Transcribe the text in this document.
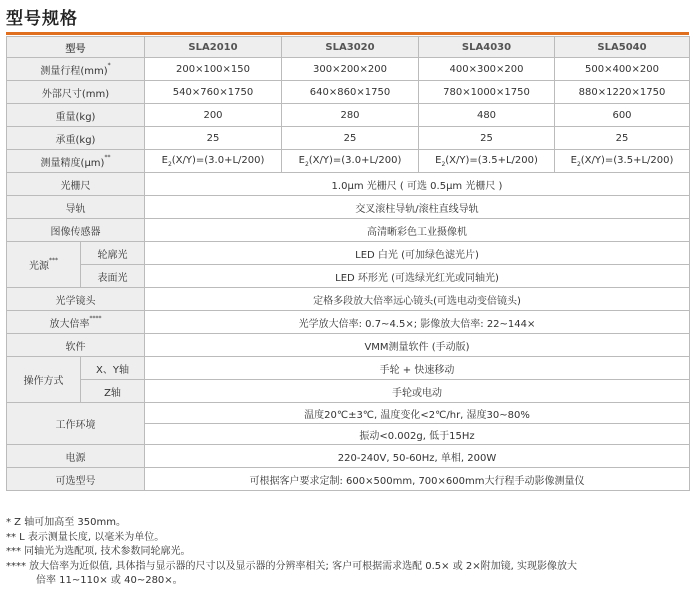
型号规格
型号		SLA2010	SLA3020	SLA4030	SLA5040
测量行程(mm)*		200×100×150	300×200×200	400×300×200	500×400×200
外部尺寸(mm)		540×760×1750	640×860×1750	780×1000×1750	880×1220×1750
重量(kg)		200	280	480	600
承重(kg)		25	25	25	25
测量精度(μm)**		$E_2(X/Y)=(3.0+L/200)$	$E_2(X/Y)=(3.0+L/200)$	$E_2(X/Y)=(3.5+L/200)$	$E_2(X/Y)=(3.5+L/200)$
光栅尺		1.0μm 光栅尺 ( 可选 0.5μm 光栅尺 )			
导轨		交叉滚柱导轨/滚柱直线导轨			
图像传感器		高清晰彩色工业摄像机			
光源***	轮廓光	LED 白光 (可加绿色滤光片)			
	表面光	LED 环形光 (可选绿光红光或同轴光)			
光学镜头		定格多段放大倍率远心镜头(可选电动变倍镜头)			
放大倍率****		光学放大倍率: 0.7~4.5×; 影像放大倍率: 22~144×			
软件		VMM测量软件 (手动版)			
操作方式	X、Y轴	手轮 + 快速移动			
	Z轴	手轮或电动			
工作环境		温度20℃±3℃, 温度变化<2℃/hr, 湿度30~80%			
		振动<0.002g, 低于15Hz			
电源		220-240V, 50-60Hz, 单相, 200W			
可选型号		可根据客户要求定制: 600×500mm, 700×600mm大行程手动影像测量仪			
* Z 轴可加高至 350mm。
** L 表示测量长度, 以毫米为单位。
*** 同轴光为选配项, 技术参数同轮廓光。
**** 放大倍率为近似值, 具体指与显示器的尺寸以及显示器的分辨率相关; 客户可根据需求选配 0.5× 或 2×附加镜, 实现影像放大
倍率 11~110× 或 40~280×。
